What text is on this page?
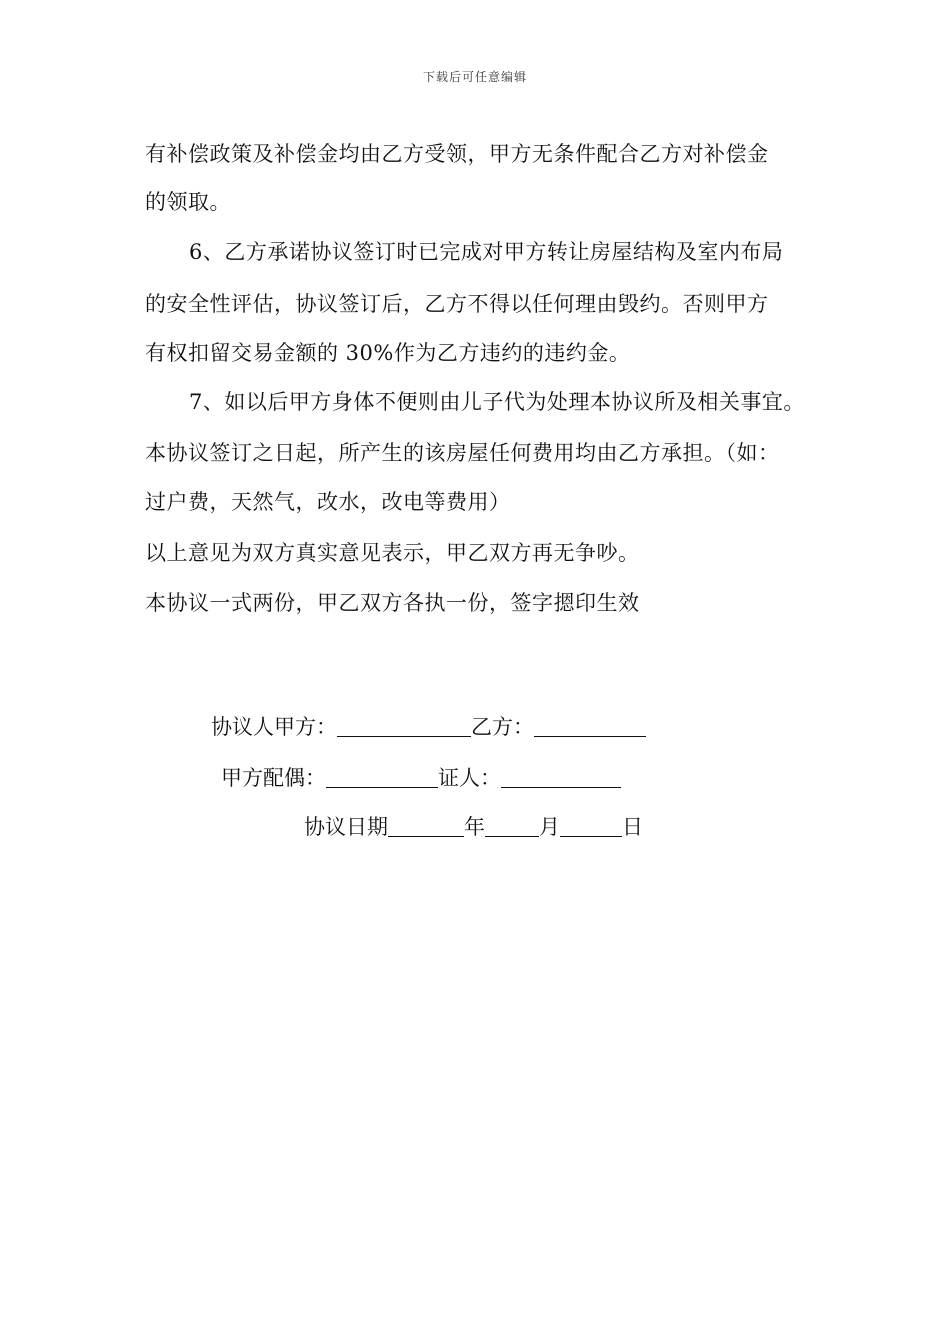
下载后可任意编辑
有补偿政策及补偿金均由乙方受领，甲方无条件配合乙方对补偿金
的领取。
6、乙方承诺协议签订时已完成对甲方转让房屋结构及室内布局
的安全性评估，协议签订后，乙方不得以任何理由毁约。否则甲方
有权扣留交易金额的 30%作为乙方违约的违约金。
7、如以后甲方身体不便则由儿子代为处理本协议所及相关事宜。
本协议签订之日起，所产生的该房屋任何费用均由乙方承担。（如：
过户费，天然气，改水，改电等费用）
以上意见为双方真实意见表示，甲乙双方再无争吵。
本协议一式两份，甲乙双方各执一份，签字摁印生效
协议人甲方：	乙方：
甲方配偶：	证人：
协议日期	年	月	日
